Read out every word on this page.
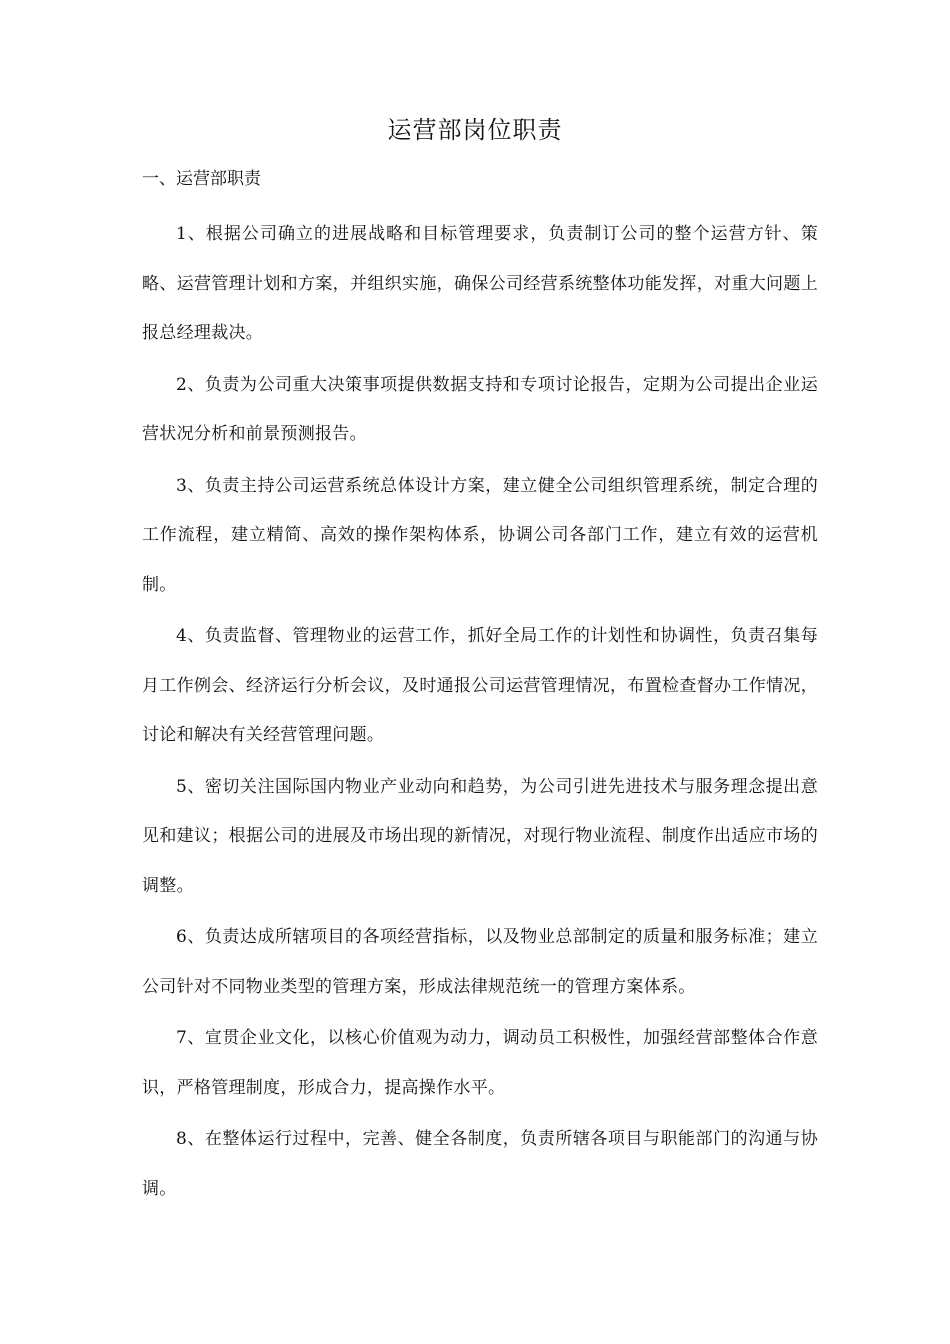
运营部岗位职责
一、运营部职责

1、根据公司确立的进展战略和目标管理要求，负责制订公司的整个运营方针、策略、运营管理计划和方案，并组织实施，确保公司经营系统整体功能发挥，对重大问题上报总经理裁决。

2、负责为公司重大决策事项提供数据支持和专项讨论报告，定期为公司提出企业运营状况分析和前景预测报告。

3、负责主持公司运营系统总体设计方案，建立健全公司组织管理系统，制定合理的工作流程，建立精简、高效的操作架构体系，协调公司各部门工作，建立有效的运营机制。

4、负责监督、管理物业的运营工作，抓好全局工作的计划性和协调性，负责召集每月工作例会、经济运行分析会议，及时通报公司运营管理情况，布置检查督办工作情况，讨论和解决有关经营管理问题。

5、密切关注国际国内物业产业动向和趋势，为公司引进先进技术与服务理念提出意见和建议；根据公司的进展及市场出现的新情况，对现行物业流程、制度作出适应市场的调整。

6、负责达成所辖项目的各项经营指标，以及物业总部制定的质量和服务标准；建立公司针对不同物业类型的管理方案，形成法律规范统一的管理方案体系。

7、宣贯企业文化，以核心价值观为动力，调动员工积极性，加强经营部整体合作意识，严格管理制度，形成合力，提高操作水平。

8、在整体运行过程中，完善、健全各制度，负责所辖各项目与职能部门的沟通与协调。
